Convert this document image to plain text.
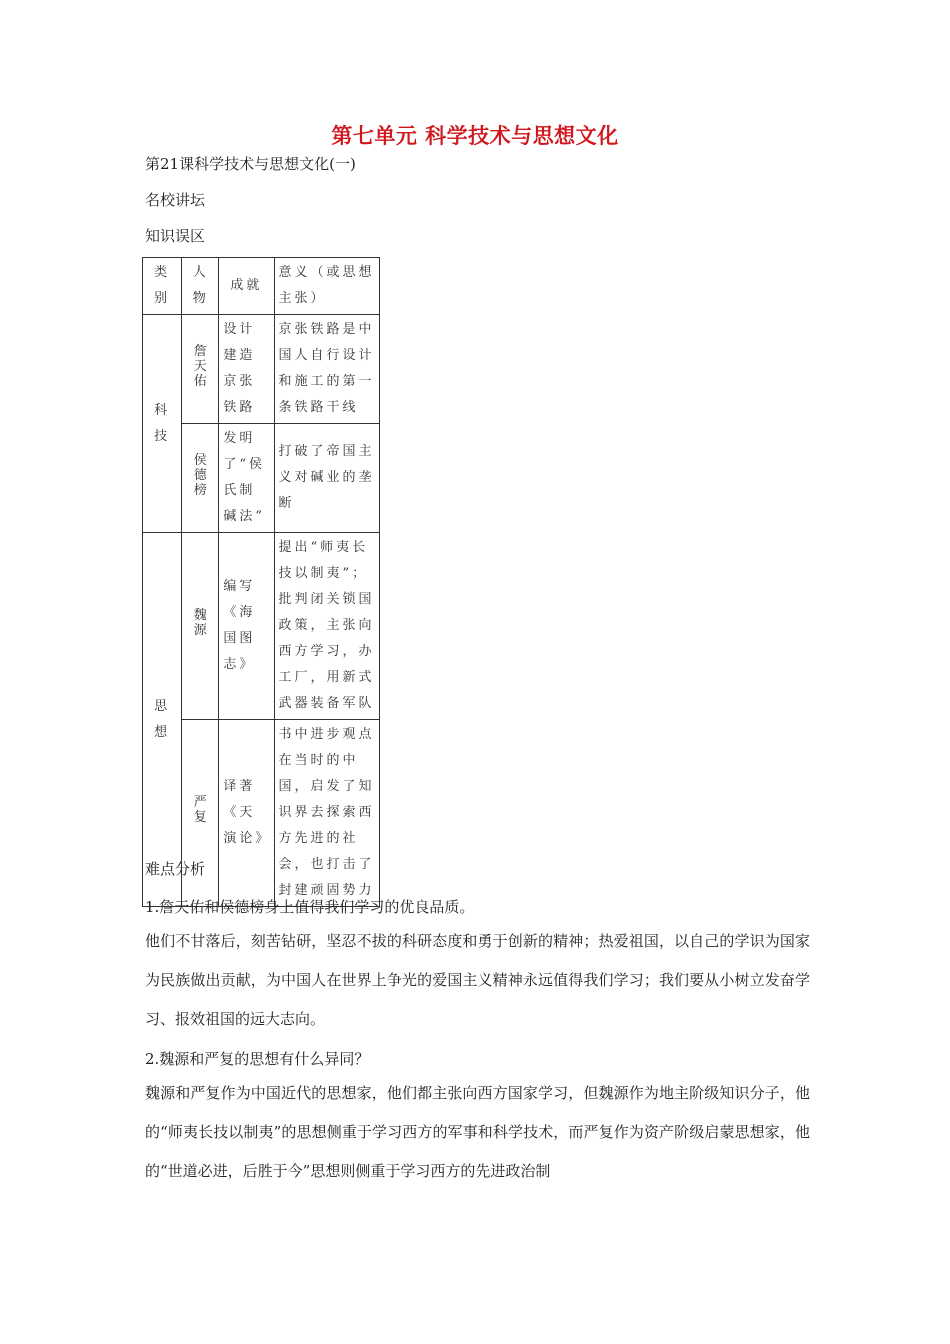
第七单元 科学技术与思想文化
第21课科学技术与思想文化(一)
名校讲坛
知识误区
类别	人物	成就	意义（或思想主张）
科技	詹天佑	设计建造京张铁路	京张铁路是中国人自行设计和施工的第一条铁路干线
	侯德榜	发明了“侯氏制碱法”	打破了帝国主义对碱业的垄断
思想	魏源	编写《海国图志》	提出“师夷长技以制夷”；批判闭关锁国政策，主张向西方学习，办工厂，用新式武器装备军队
	严复	译著《天演论》	书中进步观点在当时的中国，启发了知识界去探索西方先进的社会，也打击了封建顽固势力
难点分析
1.詹天佑和侯德榜身上值得我们学习的优良品质。
他们不甘落后，刻苦钻研，坚忍不拔的科研态度和勇于创新的精神；热爱祖国，以自己的学识为国家为民族做出贡献，为中国人在世界上争光的爱国主义精神永远值得我们学习；我们要从小树立发奋学习、报效祖国的远大志向。
2.魏源和严复的思想有什么异同？
魏源和严复作为中国近代的思想家，他们都主张向西方国家学习，但魏源作为地主阶级知识分子，他的“师夷长技以制夷”的思想侧重于学习西方的军事和科学技术，而严复作为资产阶级启蒙思想家，他的“世道必进，后胜于今”思想则侧重于学习西方的先进政治制
